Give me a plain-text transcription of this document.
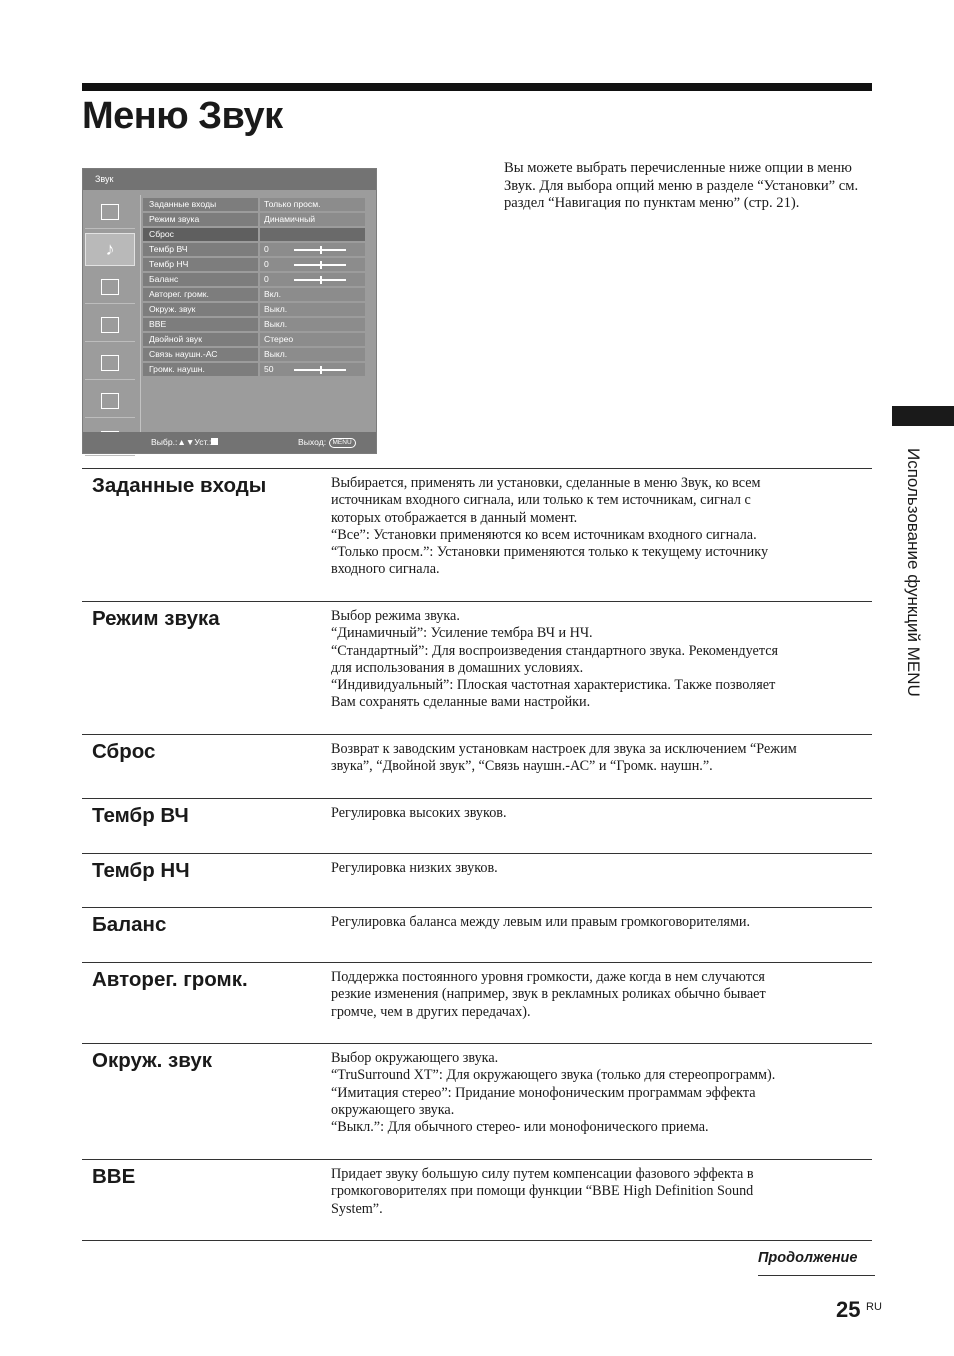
Меню Звук
Вы можете выбрать перечисленные ниже опции в меню Звук. Для выбора опций меню в разделе “Установки” см. раздел “Навигация по пунктам меню” (стр. 21).
Использование функций MENU
Звук
♪
Заданные входы	Только просм.
Режим звука	Динамичный
Сброс
Тембр ВЧ	0
Тембр НЧ	0
Баланс	0
Авторег. громк.	Вкл.
Окруж. звук	Выкл.
BBE	Выкл.
Двойной звук	Стерео
Связь наушн.-АС	Выкл.
Громк. наушн.	50
Выбр.:▲▼Уст.:	Выход: MENU
Заданные входы	Выбирается, применять ли установки, сделанные в меню Звук, ко всем
источникам входного сигнала, или только к тем источникам, сигнал с
которых отображается в данный момент.
“Все”: Установки применяются ко всем источникам входного сигнала.
“Только просм.”: Установки применяются только к текущему источнику
входного сигнала.
Режим звука	Выбор режима звука.
“Динамичный”: Усиление тембра ВЧ и НЧ.
“Стандартный”: Для воспроизведения стандартного звука. Рекомендуется
для использования в домашних условиях.
“Индивидуальный”: Плоская частотная характеристика. Также позволяет
Вам сохранять сделанные вами настройки.
Сброс	Возврат к заводским установкам настроек для звука за исключением “Режим
звука”, “Двойной звук”, “Связь наушн.-АС” и “Громк. наушн.”.
Тембр ВЧ	Регулировка высоких звуков.
Тембр НЧ	Регулировка низких звуков.
Баланс	Регулировка баланса между левым или правым громкоговорителями.
Авторег. громк.	Поддержка постоянного уровня громкости, даже когда в нем случаются
резкие изменения (например, звук в рекламных роликах обычно бывает
громче, чем в других передачах).
Окруж. звук	Выбор окружающего звука.
“TruSurround XT”: Для окружающего звука (только для стереопрограмм).
“Имитация стерео”: Придание монофоническим программам эффекта
окружающего звука.
“Выкл.”: Для обычного стерео- или монофонического приема.
BBE	Придает звуку большую силу путем компенсации фазового эффекта в
громкоговорителях при помощи функции “BBE High Definition Sound
System”.
Продолжение
25 RU
